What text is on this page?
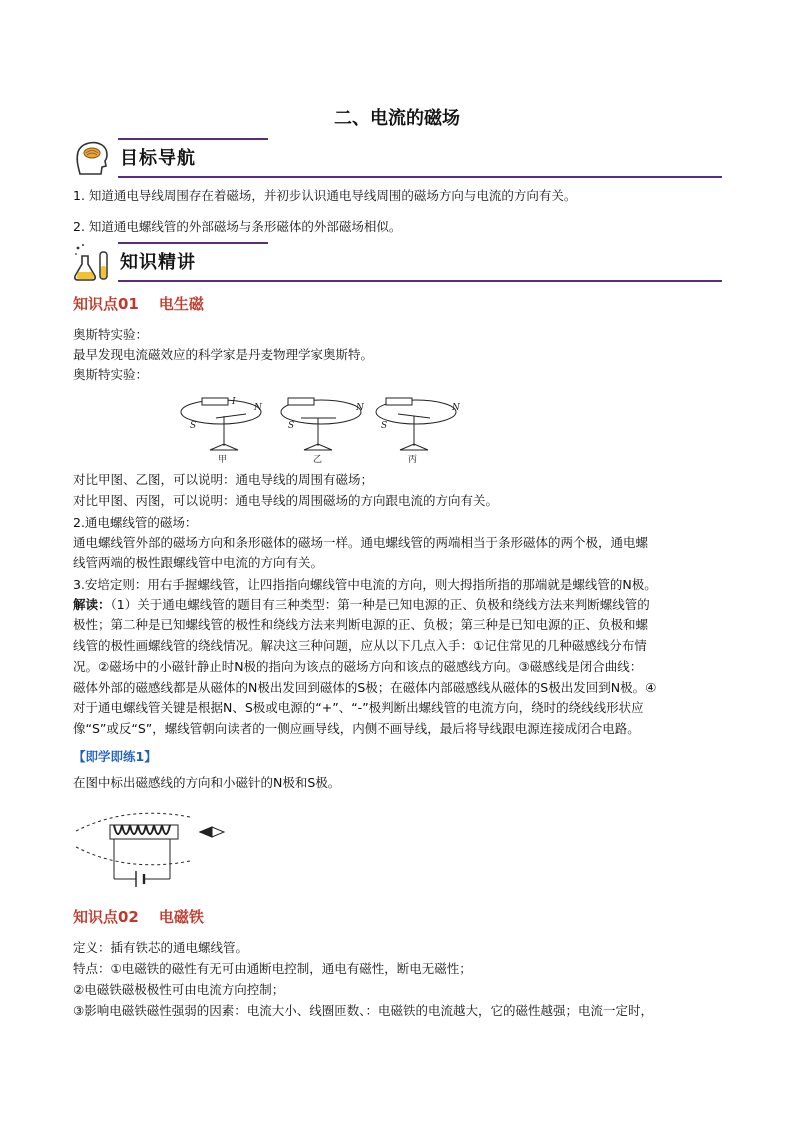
二、电流的磁场
目标导航
1. 知道通电导线周围存在着磁场，并初步认识通电导线周围的磁场方向与电流的方向有关。
2. 知道通电螺线管的外部磁场与条形磁体的外部磁场相似。
知识精讲
知识点01 电生磁
奥斯特实验：
最早发现电流磁效应的科学家是丹麦物理学家奥斯特。
奥斯特实验：
S
N
I
S
N
S
N
甲	乙	丙
对比甲图、乙图，可以说明：通电导线的周围有磁场；
对比甲图、丙图，可以说明：通电导线的周围磁场的方向跟电流的方向有关。
2.通电螺线管的磁场：
通电螺线管外部的磁场方向和条形磁体的磁场一样。通电螺线管的两端相当于条形磁体的两个极，通电螺
线管两端的极性跟螺线管中电流的方向有关。
3.安培定则：用右手握螺线管，让四指指向螺线管中电流的方向，则大拇指所指的那端就是螺线管的N极。
解读：（1）关于通电螺线管的题目有三种类型：第一种是已知电源的正、负极和绕线方法来判断螺线管的
极性；第二种是已知螺线管的极性和绕线方法来判断电源的正、负极；第三种是已知电源的正、负极和螺
线管的极性画螺线管的绕线情况。解决这三种问题，应从以下几点入手：①记住常见的几种磁感线分布情
况。②磁场中的小磁针静止时N极的指向为该点的磁场方向和该点的磁感线方向。③磁感线是闭合曲线：
磁体外部的磁感线都是从磁体的N极出发回到磁体的S极；在磁体内部磁感线从磁体的S极出发回到N极。④
对于通电螺线管关键是根据N、S极或电源的“+”、“-”极判断出螺线管的电流方向，绕时的绕线线形状应
像“S”或反“S”，螺线管朝向读者的一侧应画导线，内侧不画导线，最后将导线跟电源连接成闭合电路。
【即学即练1】
在图中标出磁感线的方向和小磁针的N极和S极。
知识点02 电磁铁
定义：插有铁芯的通电螺线管。
特点：①电磁铁的磁性有无可由通断电控制，通电有磁性，断电无磁性；
②电磁铁磁极极性可由电流方向控制；
③影响电磁铁磁性强弱的因素：电流大小、线圈匝数、：电磁铁的电流越大，它的磁性越强；电流一定时，
